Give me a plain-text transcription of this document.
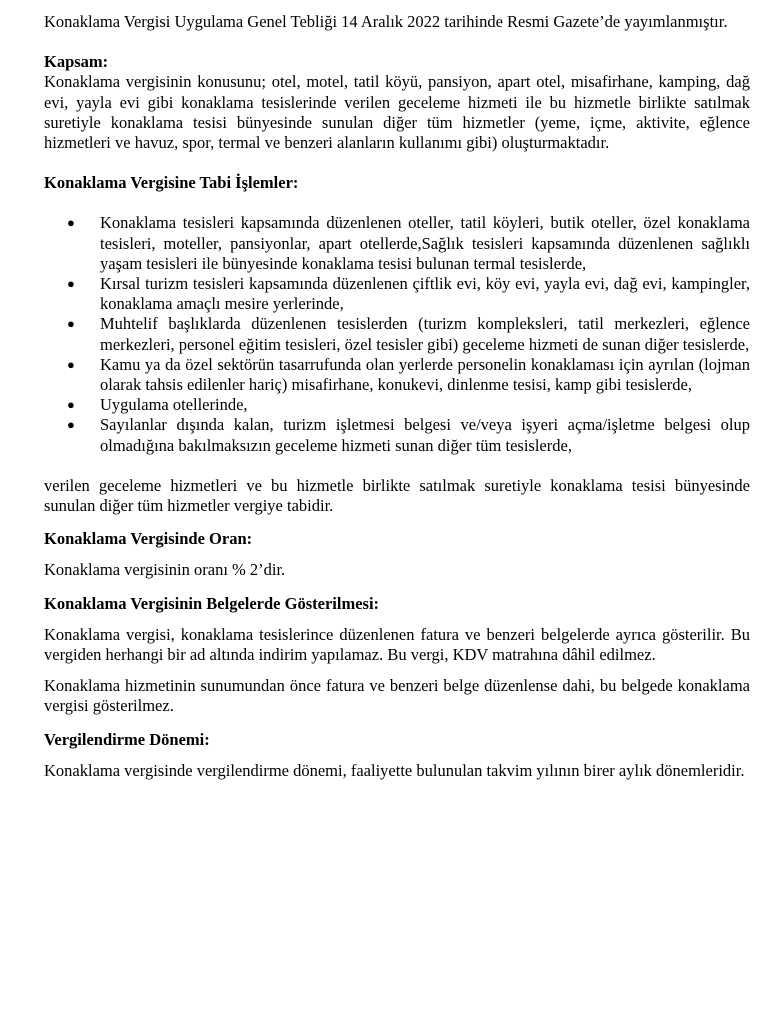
Konaklama Vergisi Uygulama Genel Tebliği 14 Aralık 2022 tarihinde Resmi Gazete’de yayımlanmıştır.

Kapsam:

Konaklama vergisinin konusunu; otel, motel, tatil köyü, pansiyon, apart otel, misafirhane, kamping, dağ evi, yayla evi gibi konaklama tesislerinde verilen geceleme hizmeti ile bu hizmetle birlikte satılmak suretiyle konaklama tesisi bünyesinde sunulan diğer tüm hizmetler (yeme, içme, aktivite, eğlence hizmetleri ve havuz, spor, termal ve benzeri alanların kullanımı gibi) oluşturmaktadır.

Konaklama Vergisine Tabi İşlemler:
● Konaklama tesisleri kapsamında düzenlenen oteller, tatil köyleri, butik oteller, özel konaklama tesisleri, moteller, pansiyonlar, apart otellerde,Sağlık tesisleri kapsamında düzenlenen sağlıklı yaşam tesisleri ile bünyesinde konaklama tesisi bulunan termal tesislerde,
● Kırsal turizm tesisleri kapsamında düzenlenen çiftlik evi, köy evi, yayla evi, dağ evi, kampingler, konaklama amaçlı mesire yerlerinde,
● Muhtelif başlıklarda düzenlenen tesislerden (turizm kompleksleri, tatil merkezleri, eğlence merkezleri, personel eğitim tesisleri, özel tesisler gibi) geceleme hizmeti de sunan diğer tesislerde,
● Kamu ya da özel sektörün tasarrufunda olan yerlerde personelin konaklaması için ayrılan (lojman olarak tahsis edilenler hariç) misafirhane, konukevi, dinlenme tesisi, kamp gibi tesislerde,
● Uygulama otellerinde,
● Sayılanlar dışında kalan, turizm işletmesi belgesi ve/veya işyeri açma/işletme belgesi olup olmadığına bakılmaksızın geceleme hizmeti sunan diğer tüm tesislerde,

verilen geceleme hizmetleri ve bu hizmetle birlikte satılmak suretiyle konaklama tesisi bünyesinde sunulan diğer tüm hizmetler vergiye tabidir.

Konaklama Vergisinde Oran:

Konaklama vergisinin oranı % 2’dir.

Konaklama Vergisinin Belgelerde Gösterilmesi:

Konaklama vergisi, konaklama tesislerince düzenlenen fatura ve benzeri belgelerde ayrıca gösterilir. Bu vergiden herhangi bir ad altında indirim yapılamaz. Bu vergi, KDV matrahına dâhil edilmez.

Konaklama hizmetinin sunumundan önce fatura ve benzeri belge düzenlense dahi, bu belgede konaklama vergisi gösterilmez.

Vergilendirme Dönemi:

Konaklama vergisinde vergilendirme dönemi, faaliyette bulunulan takvim yılının birer aylık dönemleridir.
